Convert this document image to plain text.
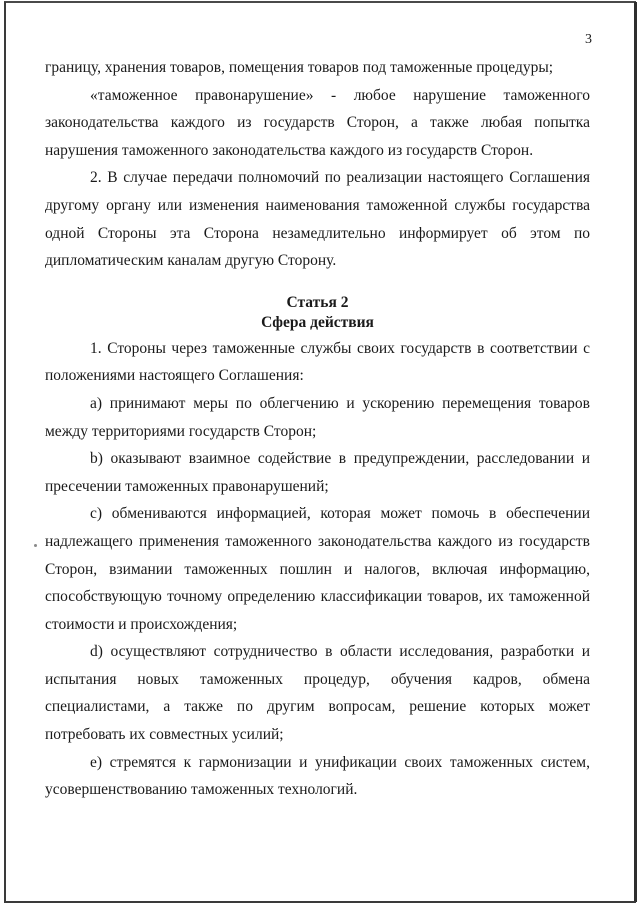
3

границу, хранения товаров, помещения товаров под таможенные процедуры;

«таможенное правонарушение» - любое нарушение таможенного законодательства каждого из государств Сторон, а также любая попытка нарушения таможенного законодательства каждого из государств Сторон.

2. В случае передачи полномочий по реализации настоящего Соглашения другому органу или изменения наименования таможенной службы государства одной Стороны эта Сторона незамедлительно информирует об этом по дипломатическим каналам другую Сторону.

Статья 2
Сфера действия

1. Стороны через таможенные службы своих государств в соответствии с положениями настоящего Соглашения:

a) принимают меры по облегчению и ускорению перемещения товаров между территориями государств Сторон;

b) оказывают взаимное содействие в предупреждении, расследовании и пресечении таможенных правонарушений;

c) обмениваются информацией, которая может помочь в обеспечении надлежащего применения таможенного законодательства каждого из государств Сторон, взимании таможенных пошлин и налогов, включая информацию, способствующую точному определению классификации товаров, их таможенной стоимости и происхождения;

d) осуществляют сотрудничество в области исследования, разработки и испытания новых таможенных процедур, обучения кадров, обмена специалистами, а также по другим вопросам, решение которых может потребовать их совместных усилий;

e) стремятся к гармонизации и унификации своих таможенных систем, усовершенствованию таможенных технологий.
